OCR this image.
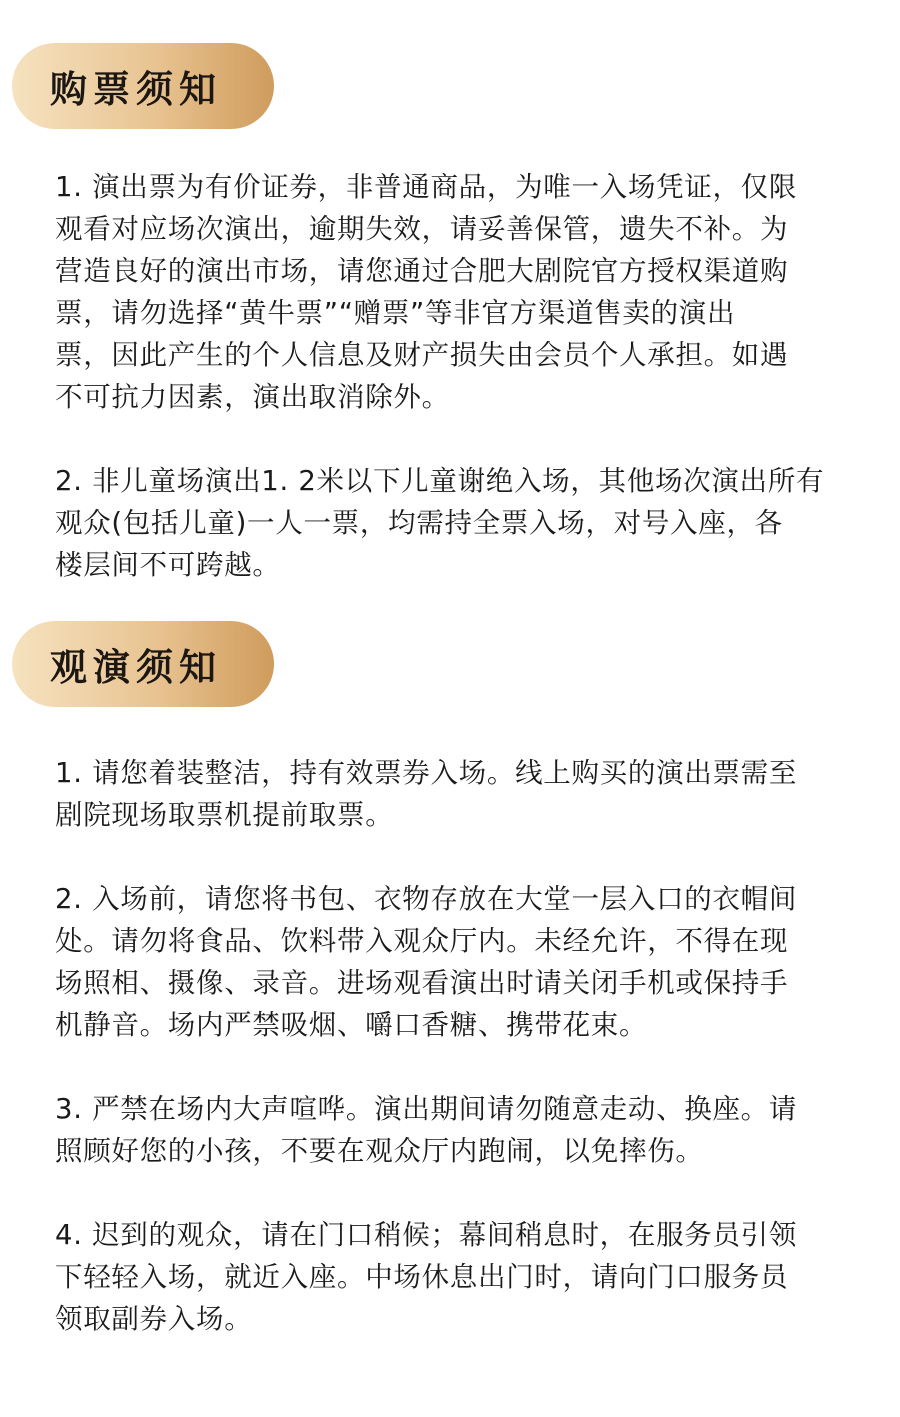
购票须知

1. 演出票为有价证券，非普通商品，为唯一入场凭证，仅限
观看对应场次演出，逾期失效，请妥善保管，遗失不补。为
营造良好的演出市场，请您通过合肥大剧院官方授权渠道购
票，请勿选择“黄牛票”“赠票”等非官方渠道售卖的演出
票，因此产生的个人信息及财产损失由会员个人承担。如遇
不可抗力因素，演出取消除外。

2. 非儿童场演出1. 2米以下儿童谢绝入场，其他场次演出所有
观众(包括儿童)一人一票，均需持全票入场，对号入座，各
楼层间不可跨越。

观演须知

1. 请您着装整洁，持有效票券入场。线上购买的演出票需至
剧院现场取票机提前取票。

2. 入场前，请您将书包、衣物存放在大堂一层入口的衣帽间
处。请勿将食品、饮料带入观众厅内。未经允许，不得在现
场照相、摄像、录音。进场观看演出时请关闭手机或保持手
机静音。场内严禁吸烟、嚼口香糖、携带花束。

3. 严禁在场内大声喧哗。演出期间请勿随意走动、换座。请
照顾好您的小孩，不要在观众厅内跑闹，以免摔伤。

4. 迟到的观众，请在门口稍候；幕间稍息时，在服务员引领
下轻轻入场，就近入座。中场休息出门时，请向门口服务员
领取副券入场。
